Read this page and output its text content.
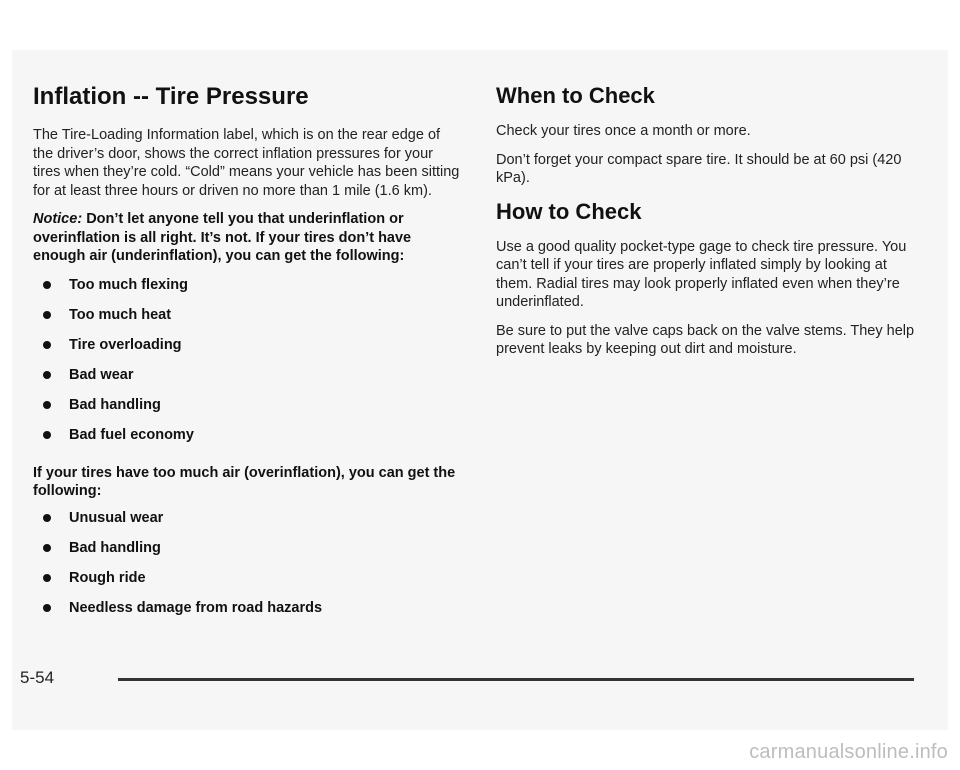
Inflation -- Tire Pressure

The Tire-Loading Information label, which is on the rear edge of the driver’s door, shows the correct inflation pressures for your tires when they’re cold. “Cold” means your vehicle has been sitting for at least three hours or driven no more than 1 mile (1.6 km).

Notice: Don’t let anyone tell you that underinflation or overinflation is all right. It’s not. If your tires don’t have enough air (underinflation), you can get the following:

Too much flexing
Too much heat
Tire overloading
Bad wear
Bad handling
Bad fuel economy

If your tires have too much air (overinflation), you can get the following:

Unusual wear
Bad handling
Rough ride
Needless damage from road hazards
When to Check

Check your tires once a month or more.

Don’t forget your compact spare tire. It should be at 60 psi (420 kPa).

How to Check

Use a good quality pocket-type gage to check tire pressure. You can’t tell if your tires are properly inflated simply by looking at them. Radial tires may look properly inflated even when they’re underinflated.

Be sure to put the valve caps back on the valve stems. They help prevent leaks by keeping out dirt and moisture.

5-54
carmanualsonline.info
